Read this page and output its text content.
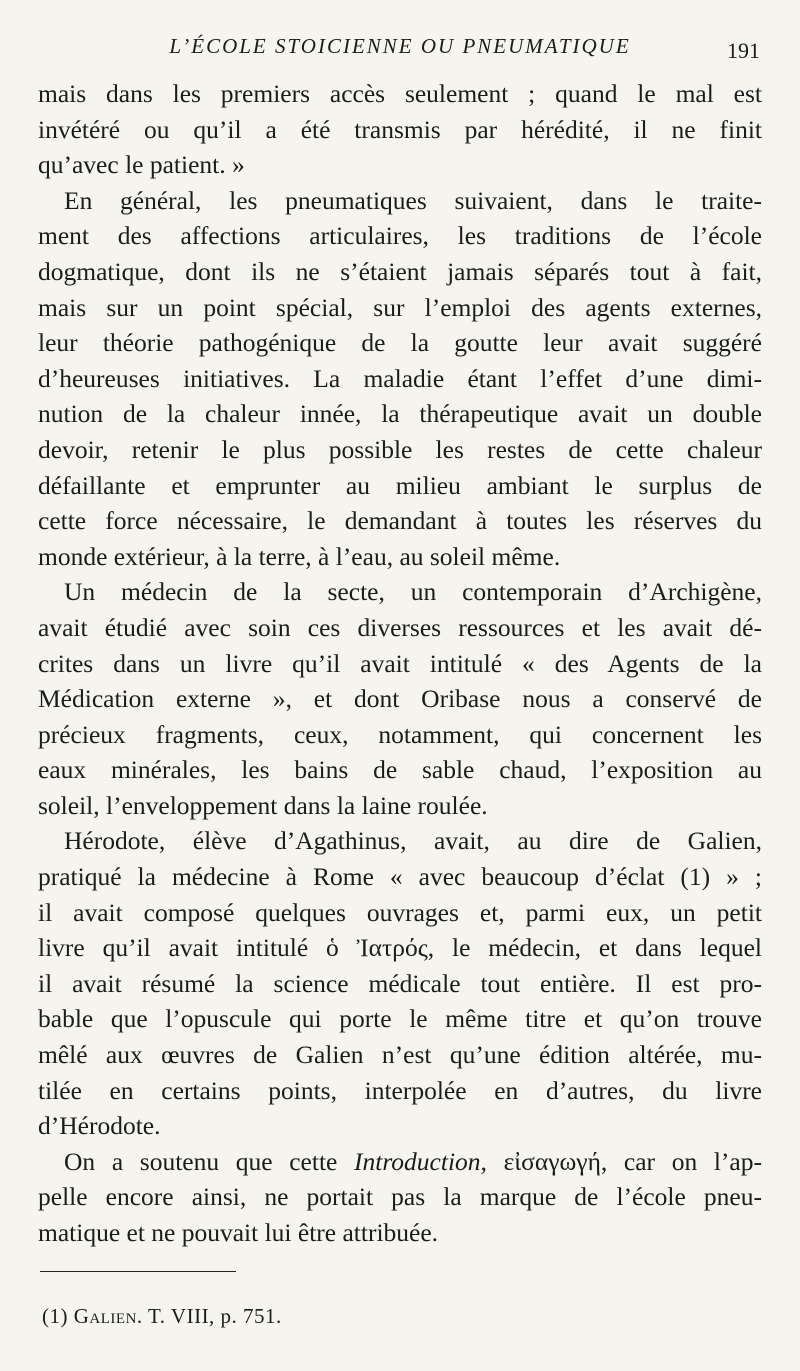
L’ÉCOLE STOICIENNE OU PNEUMATIQUE	191
mais dans les premiers accès seulement ; quand le mal est
invétéré ou qu’il a été transmis par hérédité, il ne finit
qu’avec le patient. »
En général, les pneumatiques suivaient, dans le traite-
ment des affections articulaires, les traditions de l’école
dogmatique, dont ils ne s’étaient jamais séparés tout à fait,
mais sur un point spécial, sur l’emploi des agents externes,
leur théorie pathogénique de la goutte leur avait suggéré
d’heureuses initiatives. La maladie étant l’effet d’une dimi-
nution de la chaleur innée, la thérapeutique avait un double
devoir, retenir le plus possible les restes de cette chaleur
défaillante et emprunter au milieu ambiant le surplus de
cette force nécessaire, le demandant à toutes les réserves du
monde extérieur, à la terre, à l’eau, au soleil même.
Un médecin de la secte, un contemporain d’Archigène,
avait étudié avec soin ces diverses ressources et les avait dé-
crites dans un livre qu’il avait intitulé « des Agents de la
Médication externe », et dont Oribase nous a conservé de
précieux fragments, ceux, notamment, qui concernent les
eaux minérales, les bains de sable chaud, l’exposition au
soleil, l’enveloppement dans la laine roulée.
Hérodote, élève d’Agathinus, avait, au dire de Galien,
pratiqué la médecine à Rome « avec beaucoup d’éclat (1) » ;
il avait composé quelques ouvrages et, parmi eux, un petit
livre qu’il avait intitulé ὁ Ἰατρός, le médecin, et dans lequel
il avait résumé la science médicale tout entière. Il est pro-
bable que l’opuscule qui porte le même titre et qu’on trouve
mêlé aux œuvres de Galien n’est qu’une édition altérée, mu-
tilée en certains points, interpolée en d’autres, du livre
d’Hérodote.
On a soutenu que cette Introduction, εἰσαγωγή, car on l’ap-
pelle encore ainsi, ne portait pas la marque de l’école pneu-
matique et ne pouvait lui être attribuée.
(1) Galien. T. VIII, p. 751.
